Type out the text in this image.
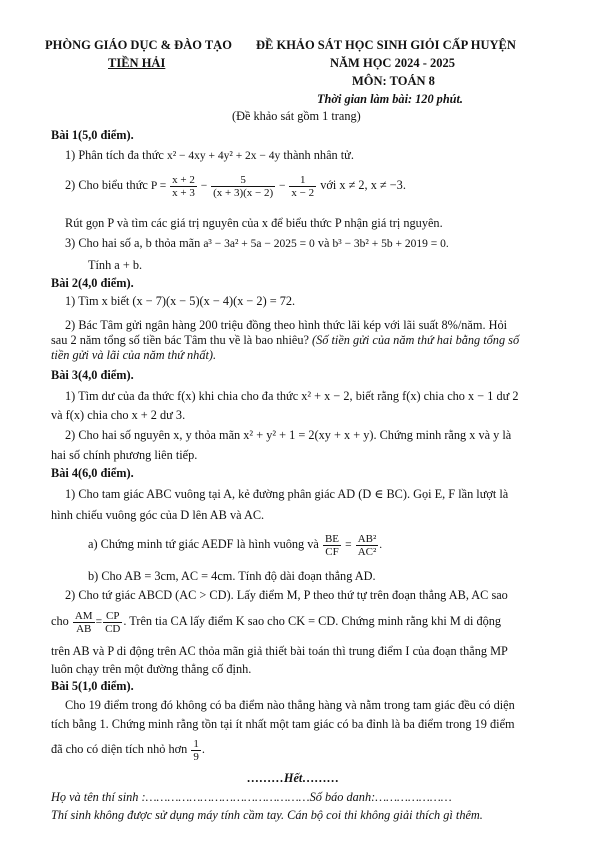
PHÒNG GIÁO DỤC & ĐÀO TẠO
TIỀN HẢI
ĐỀ KHẢO SÁT HỌC SINH GIỎI CẤP HUYỆN
NĂM HỌC 2024 - 2025
MÔN: TOÁN 8
Thời gian làm bài: 120 phút.
(Đề khảo sát gồm 1 trang)
Bài 1(5,0 điểm).
1) Phân tích đa thức x² − 4xy + 4y² + 2x − 4y thành nhân tử.
2) Cho biểu thức $P = \frac{x + 2}{x + 3} - \frac{5}{(x + 3)(x - 2)} - \frac{1}{x - 2}$ với x ≠ 2, x ≠ −3.
Rút gọn P và tìm các giá trị nguyên của x để biểu thức P nhận giá trị nguyên.
3) Cho hai số a, b thỏa mãn a³ − 3a² + 5a − 2025 = 0 và b³ − 3b² + 5b + 2019 = 0.
Tính a + b.
Bài 2(4,0 điểm).
1) Tìm x biết (x − 7)(x − 5)(x − 4)(x − 2) = 72.
2) Bác Tâm gửi ngân hàng 200 triệu đồng theo hình thức lãi kép với lãi suất 8%/năm. Hỏi
sau 2 năm tổng số tiền bác Tâm thu về là bao nhiêu? (Số tiền gửi của năm thứ hai bằng tổng số
tiền gửi và lãi của năm thứ nhất).
Bài 3(4,0 điểm).
1) Tìm dư của đa thức f(x) khi chia cho đa thức x² + x − 2, biết rằng f(x) chia cho x − 1 dư 2
và f(x) chia cho x + 2 dư 3.
2) Cho hai số nguyên x, y thỏa mãn x² + y² + 1 = 2(xy + x + y). Chứng minh rằng x và y là
hai số chính phương liên tiếp.
Bài 4(6,0 điểm).
1) Cho tam giác ABC vuông tại A, kẻ đường phân giác AD (D ∈ BC). Gọi E, F lần lượt là
hình chiếu vuông góc của D lên AB và AC.
a) Chứng minh tứ giác AEDF là hình vuông và $\frac{BE}{CF} = \frac{\text{AB²}}{\text{AC²}}$ .
b) Cho AB = 3cm, AC = 4cm. Tính độ dài đoạn thẳng AD.
2) Cho tứ giác ABCD (AC > CD). Lấy điểm M, P theo thứ tự trên đoạn thẳng AB, AC sao
cho $\frac{AM}{AB} = \frac{CP}{CD}$ . Trên tia CA lấy điểm K sao cho CK = CD. Chứng minh rằng khi M di động
trên AB và P di động trên AC thỏa mãn giả thiết bài toán thì trung điểm I của đoạn thẳng MP
luôn chạy trên một đường thẳng cố định.
Bài 5(1,0 điểm).
Cho 19 điểm trong đó không có ba điểm nào thẳng hàng và nằm trong tam giác đều có diện
tích bằng 1. Chứng minh rằng tồn tại ít nhất một tam giác có ba đỉnh là ba điểm trong 19 điểm
đã cho có diện tích nhỏ hơn $\frac{1}{9}$ .
………Hết………
Họ và tên thí sinh :………………………………………Số báo danh:…………………
Thí sinh không được sử dụng máy tính cầm tay. Cán bộ coi thi không giải thích gì thêm.
